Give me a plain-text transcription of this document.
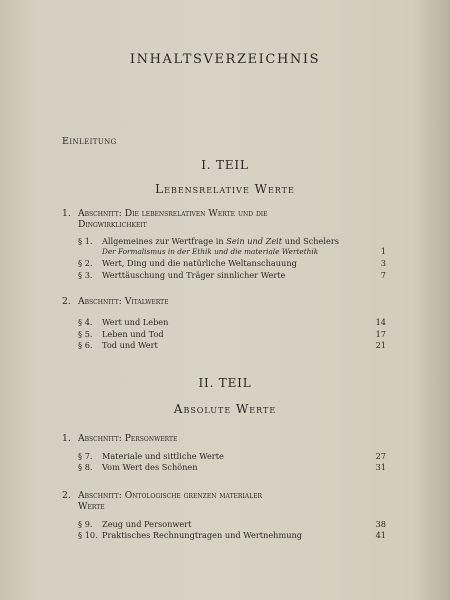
INHALTSVERZEICHNIS
Einleitung
I. TEIL
Lebensrelative Werte
1. Abschnitt: Die lebensrelativen Werte und die
Dingwirklichkeit
§ 1. Allgemeines zur Wertfrage in Sein und Zeit und Schelers
Der Formalismus in der Ethik und die materiale Wertethik	1
§ 2. Wert, Ding und die natürliche Weltanschauung	3
§ 3. Werttäuschung und Träger sinnlicher Werte	7
2. Abschnitt: Vitalwerte
§ 4. Wert und Leben	14
§ 5. Leben und Tod	17
§ 6. Tod und Wert	21
II. TEIL
Absolute Werte
1. Abschnitt: Personwerte
§ 7. Materiale und sittliche Werte	27
§ 8. Vom Wert des Schönen	31
2. Abschnitt: Ontologische grenzen materialer
Werte
§ 9. Zeug und Personwert	38
§ 10. Praktisches Rechnungtragen und Wertnehmung	41
